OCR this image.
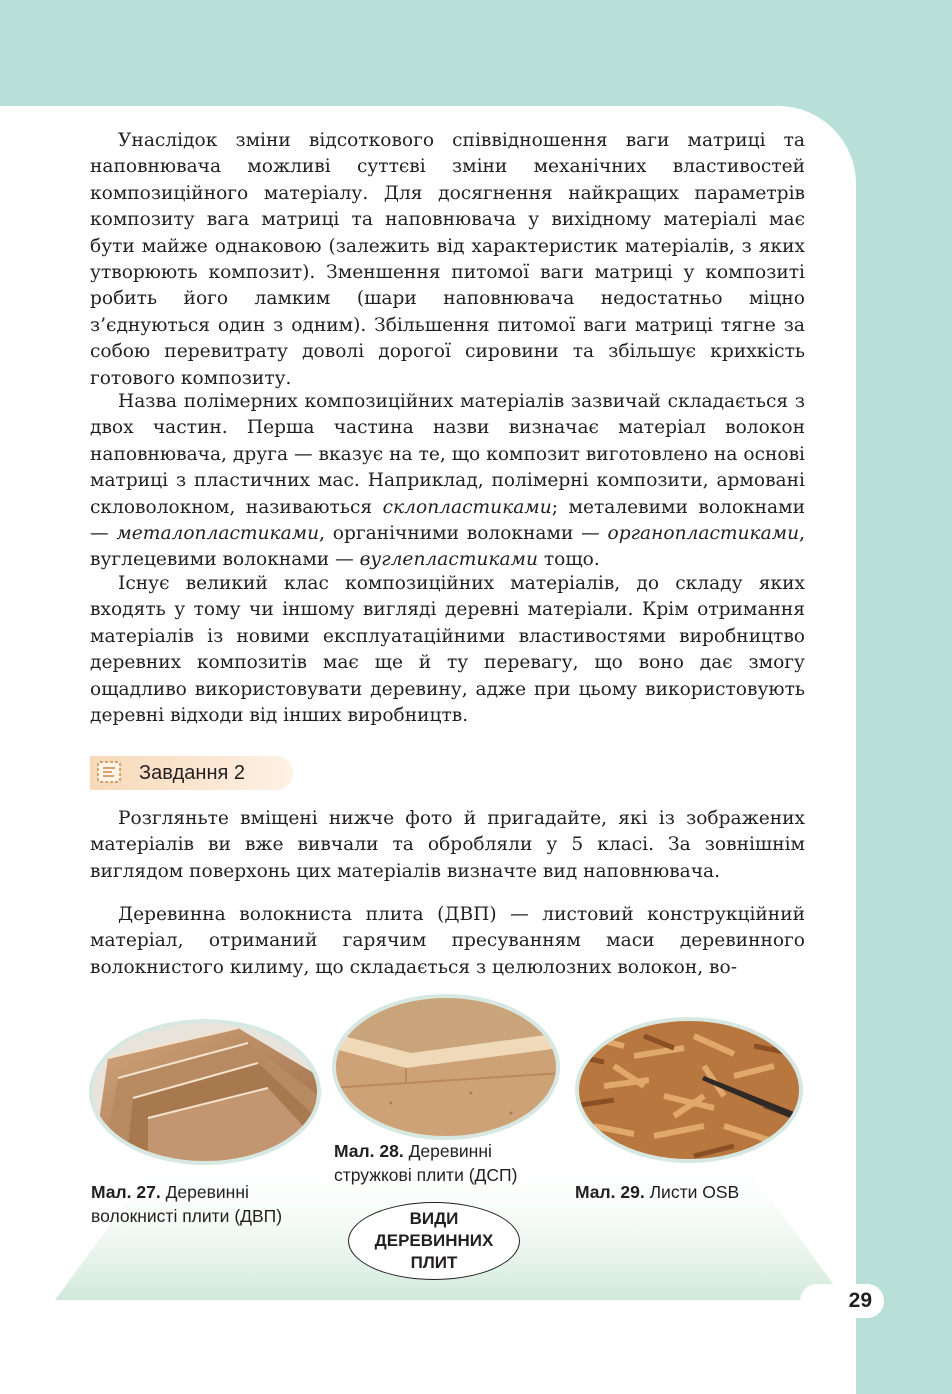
Унаслідок зміни відсоткового співвідношення ваги матриці та наповнювача можливі суттєві зміни механічних властивостей композиційного матеріалу. Для досягнення найкращих параметрів композиту вага матриці та наповнювача у вихідному матеріалі має бути майже однаковою (залежить від характеристик матеріалів, з яких утворюють композит). Зменшення питомої ваги матриці у композиті робить його ламким (шари наповнювача недостатньо міцно з’єднуються один з одним). Збільшення питомої ваги матриці тягне за собою перевитрату доволі дорогої сировини та збільшує крихкість готового композиту.

Назва полімерних композиційних матеріалів зазвичай складається з двох частин. Перша частина назви визначає матеріал волокон наповнювача, друга — вказує на те, що композит виготовлено на основі матриці з пластичних мас. Наприклад, полімерні композити, армовані скловолокном, називаються склопластиками; металевими волокнами — металопластиками, органічними волокнами — органопластиками, вуглецевими волокнами — вуглепластиками тощо.

Існує великий клас композиційних матеріалів, до складу яких входять у тому чи іншому вигляді деревні матеріали. Крім отримання матеріалів із новими експлуатаційними властивостями виробництво деревних композитів має ще й ту перевагу, що воно дає змогу ощадливо використовувати деревину, адже при цьому використовують деревні відходи від інших виробництв.

Завдання 2

Розгляньте вміщені нижче фото й пригадайте, які із зображених матеріалів ви вже вивчали та обробляли у 5 класі. За зовнішнім виглядом поверхонь цих матеріалів визначте вид наповнювача.

Деревинна волокниста плита (ДВП) — листовий конструкційний матеріал, отриманий гарячим пресуванням маси деревинного волокнистого килиму, що складається з целюлозних волокон, во-

Мал. 27. Деревинні волокнисті плити (ДВП)
Мал. 28. Деревинні стружкові плити (ДСП)
Мал. 29. Листи OSB
ВИДИ ДЕРЕВИННИХ ПЛИТ
29
